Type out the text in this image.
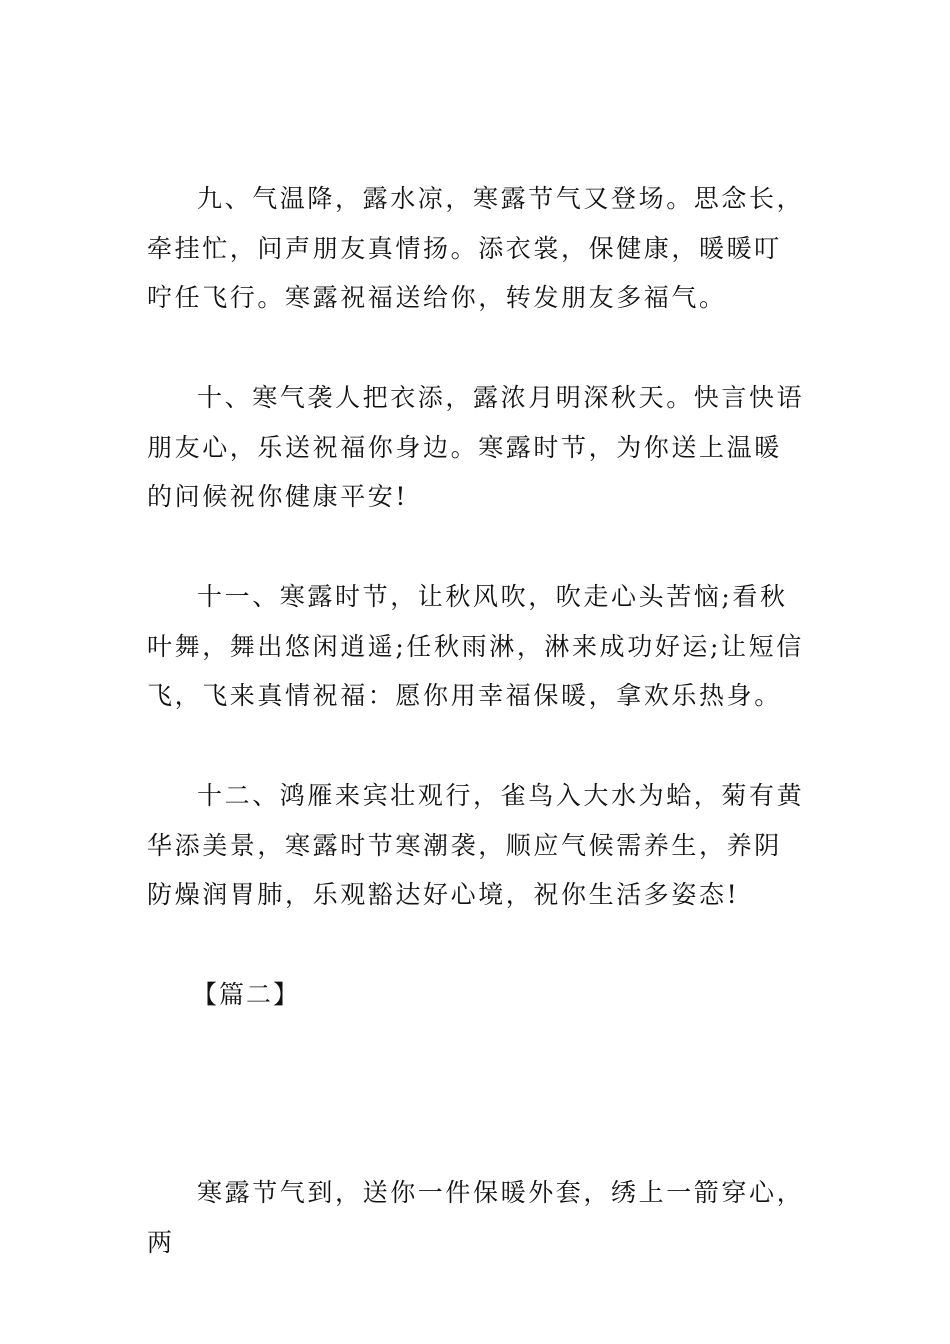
九、气温降，露水凉，寒露节气又登场。思念长，牵挂忙，问声朋友真情扬。添衣裳，保健康，暖暖叮咛任飞行。寒露祝福送给你，转发朋友多福气。

十、寒气袭人把衣添，露浓月明深秋天。快言快语朋友心，乐送祝福你身边。寒露时节，为你送上温暖的问候祝你健康平安!

十一、寒露时节，让秋风吹，吹走心头苦恼;看秋叶舞，舞出悠闲逍遥;任秋雨淋，淋来成功好运;让短信飞，飞来真情祝福：愿你用幸福保暖，拿欢乐热身。

十二、鸿雁来宾壮观行，雀鸟入大水为蛤，菊有黄华添美景，寒露时节寒潮袭，顺应气候需养生，养阴防燥润胃肺，乐观豁达好心境，祝你生活多姿态!

【篇二】

寒露节气到，送你一件保暖外套，绣上一箭穿心，两
